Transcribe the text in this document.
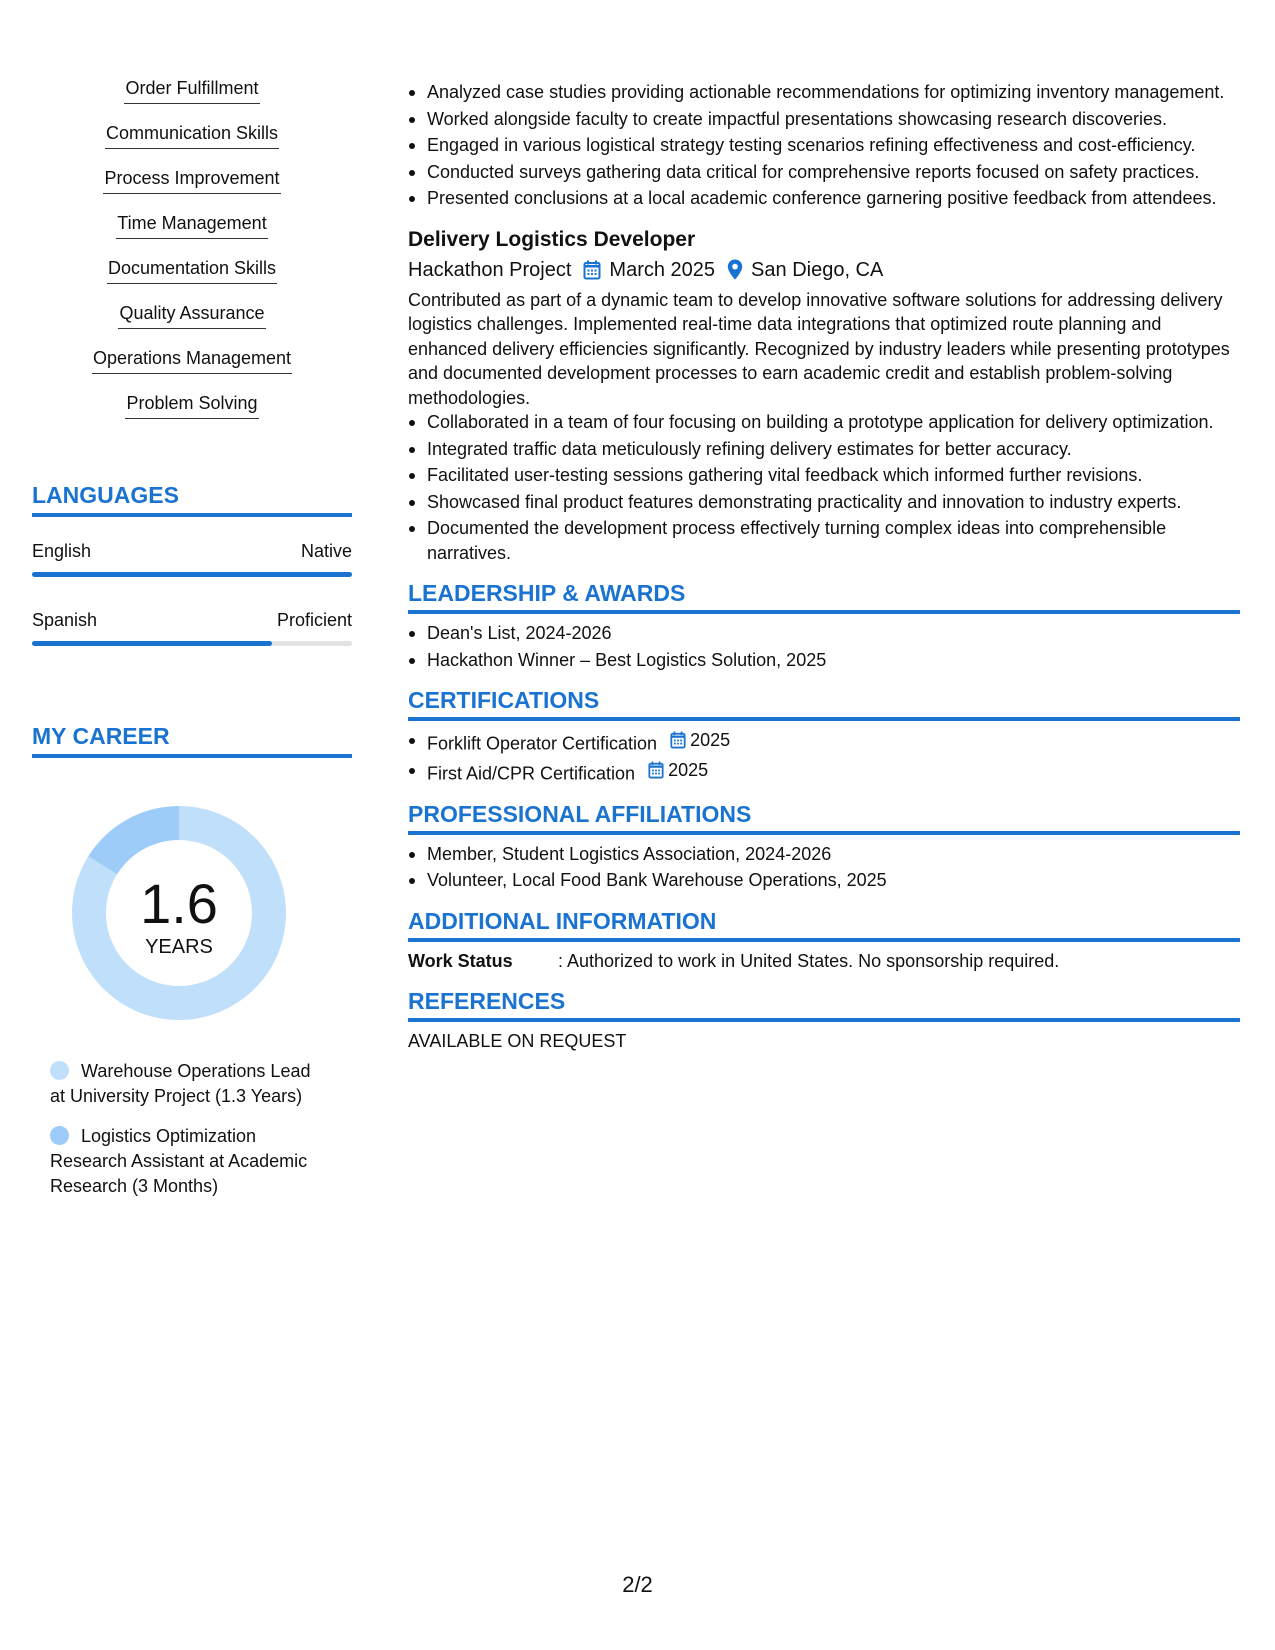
Order Fulfillment
Communication Skills
Process Improvement
Time Management
Documentation Skills
Quality Assurance
Operations Management
Problem Solving
LANGUAGES
English	Native
Spanish	Proficient
MY CAREER
1.6
YEARS
Warehouse Operations Lead at University Project (1.3 Years)
Logistics Optimization Research Assistant at Academic Research (3 Months)
Analyzed case studies providing actionable recommendations for optimizing inventory management.
Worked alongside faculty to create impactful presentations showcasing research discoveries.
Engaged in various logistical strategy testing scenarios refining effectiveness and cost-efficiency.
Conducted surveys gathering data critical for comprehensive reports focused on safety practices.
Presented conclusions at a local academic conference garnering positive feedback from attendees.
Delivery Logistics Developer
Hackathon Project March 2025 San Diego, CA
Contributed as part of a dynamic team to develop innovative software solutions for addressing delivery logistics challenges. Implemented real-time data integrations that optimized route planning and enhanced delivery efficiencies significantly. Recognized by industry leaders while presenting prototypes and documented development processes to earn academic credit and establish problem-solving methodologies.
Collaborated in a team of four focusing on building a prototype application for delivery optimization.
Integrated traffic data meticulously refining delivery estimates for better accuracy.
Facilitated user-testing sessions gathering vital feedback which informed further revisions.
Showcased final product features demonstrating practicality and innovation to industry experts.
Documented the development process effectively turning complex ideas into comprehensible narratives.
LEADERSHIP & AWARDS
Dean's List, 2024-2026
Hackathon Winner – Best Logistics Solution, 2025
CERTIFICATIONS
Forklift Operator Certification 2025
First Aid/CPR Certification 2025
PROFESSIONAL AFFILIATIONS
Member, Student Logistics Association, 2024-2026
Volunteer, Local Food Bank Warehouse Operations, 2025
ADDITIONAL INFORMATION
Work Status	: Authorized to work in United States. No sponsorship required.
REFERENCES
AVAILABLE ON REQUEST
2/2
